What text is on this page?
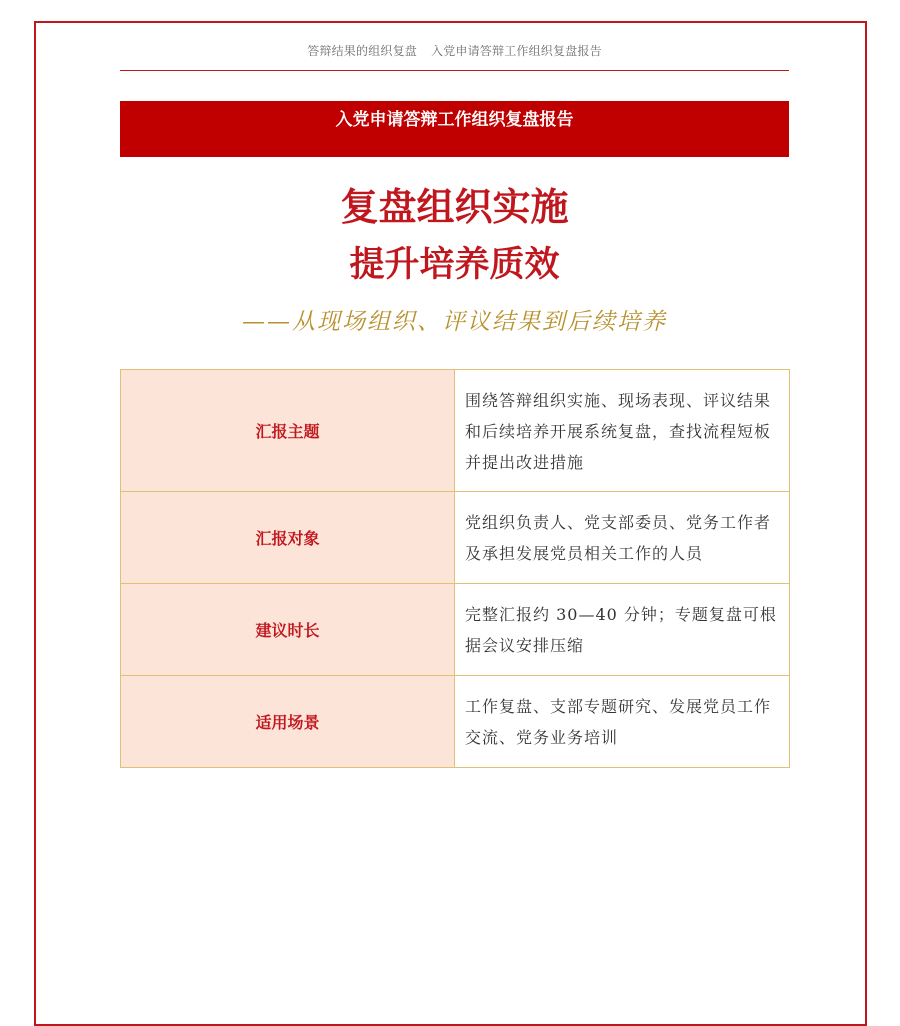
答辩结果的组织复盘 入党申请答辩工作组织复盘报告
入党申请答辩工作组织复盘报告
复盘组织实施
提升培养质效
——从现场组织、评议结果到后续培养
汇报主题	围绕答辩组织实施、现场表现、评议结果和后续培养开展系统复盘，查找流程短板并提出改进措施
汇报对象	党组织负责人、党支部委员、党务工作者及承担发展党员相关工作的人员
建议时长	完整汇报约 30—40 分钟；专题复盘可根据会议安排压缩
适用场景	工作复盘、支部专题研究、发展党员工作交流、党务业务培训
